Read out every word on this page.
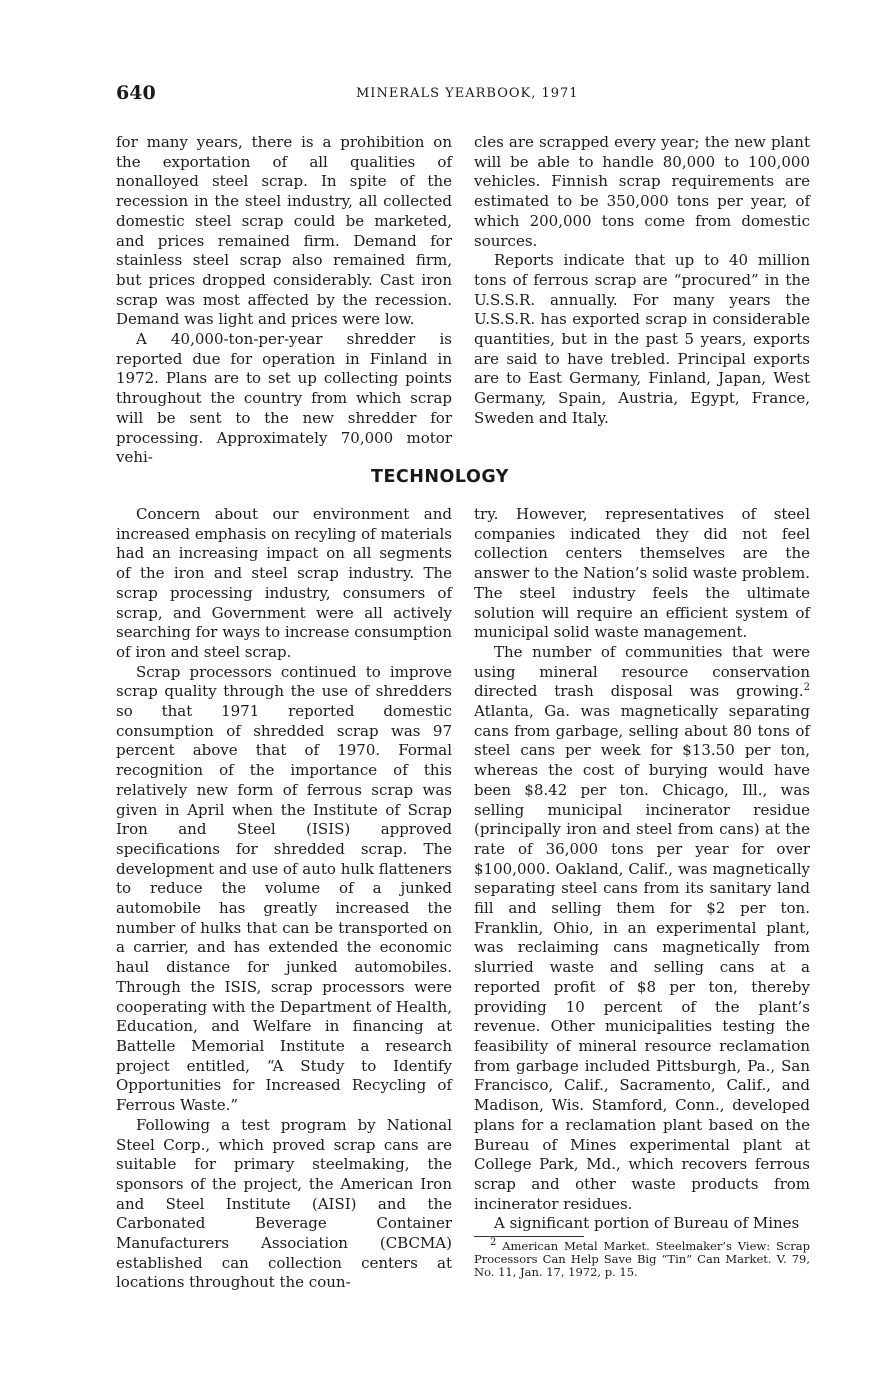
640	MINERALS YEARBOOK, 1971

for many years, there is a prohibition on the exportation of all qualities of nonalloyed steel scrap. In spite of the recession in the steel industry, all collected domestic steel scrap could be marketed, and prices remained firm. Demand for stainless steel scrap also remained firm, but prices dropped considerably. Cast iron scrap was most affected by the recession. Demand was light and prices were low.

A 40,000-ton-per-year shredder is reported due for operation in Finland in 1972. Plans are to set up collecting points throughout the country from which scrap will be sent to the new shredder for processing. Approximately 70,000 motor vehi-

cles are scrapped every year; the new plant will be able to handle 80,000 to 100,000 vehicles. Finnish scrap requirements are estimated to be 350,000 tons per year, of which 200,000 tons come from domestic sources.

Reports indicate that up to 40 million tons of ferrous scrap are “procured” in the U.S.S.R. annually. For many years the U.S.S.R. has exported scrap in considerable quantities, but in the past 5 years, exports are said to have trebled. Principal exports are to East Germany, Finland, Japan, West Germany, Spain, Austria, Egypt, France, Sweden and Italy.

TECHNOLOGY

Concern about our environment and increased emphasis on recyling of materials had an increasing impact on all segments of the iron and steel scrap industry. The scrap processing industry, consumers of scrap, and Government were all actively searching for ways to increase consumption of iron and steel scrap.

Scrap processors continued to improve scrap quality through the use of shredders so that 1971 reported domestic consumption of shredded scrap was 97 percent above that of 1970. Formal recognition of the importance of this relatively new form of ferrous scrap was given in April when the Institute of Scrap Iron and Steel (ISIS) approved specifications for shredded scrap. The development and use of auto hulk flatteners to reduce the volume of a junked automobile has greatly increased the number of hulks that can be transported on a carrier, and has extended the economic haul distance for junked automobiles. Through the ISIS, scrap processors were cooperating with the Department of Health, Education, and Welfare in financing at Battelle Memorial Institute a research project entitled, “A Study to Identify Opportunities for Increased Recycling of Ferrous Waste.”

Following a test program by National Steel Corp., which proved scrap cans are suitable for primary steelmaking, the sponsors of the project, the American Iron and Steel Institute (AISI) and the Carbonated Beverage Container Manufacturers Association (CBCMA) established can collection centers at locations throughout the coun-

try. However, representatives of steel companies indicated they did not feel collection centers themselves are the answer to the Nation’s solid waste problem. The steel industry feels the ultimate solution will require an efficient system of municipal solid waste management.

The number of communities that were using mineral resource conservation directed trash disposal was growing.$^2$ Atlanta, Ga. was magnetically separating cans from garbage, selling about 80 tons of steel cans per week for $13.50 per ton, whereas the cost of burying would have been $8.42 per ton. Chicago, Ill., was selling municipal incinerator residue (principally iron and steel from cans) at the rate of 36,000 tons per year for over $100,000. Oakland, Calif., was magnetically separating steel cans from its sanitary land fill and selling them for $2 per ton. Franklin, Ohio, in an experimental plant, was reclaiming cans magnetically from slurried waste and selling cans at a reported profit of $8 per ton, thereby providing 10 percent of the plant’s revenue. Other municipalities testing the feasibility of mineral resource reclamation from garbage included Pittsburgh, Pa., San Francisco, Calif., Sacramento, Calif., and Madison, Wis. Stamford, Conn., developed plans for a reclamation plant based on the Bureau of Mines experimental plant at College Park, Md., which recovers ferrous scrap and other waste products from incinerator residues.

A significant portion of Bureau of Mines

$^2$ American Metal Market. Steelmaker’s View: Scrap Processors Can Help Save Big “Tin” Can Market. V. 79, No. 11, Jan. 17, 1972, p. 15.
